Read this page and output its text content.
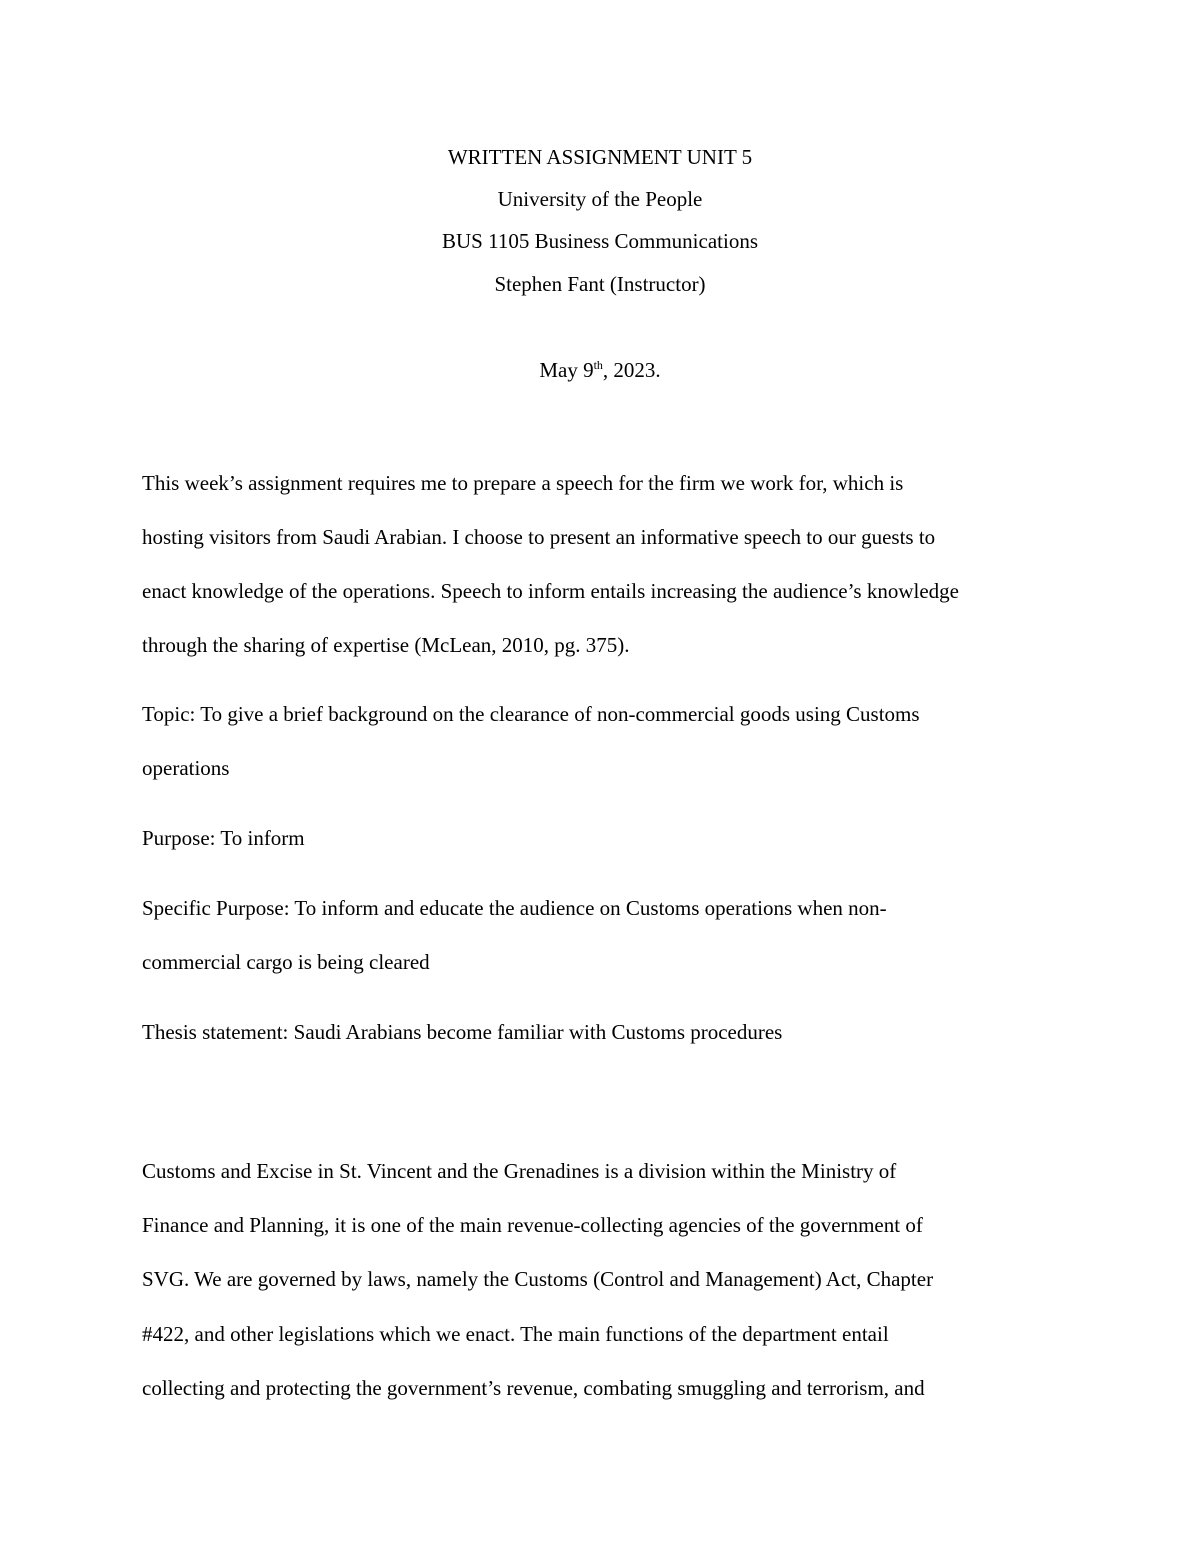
WRITTEN ASSIGNMENT UNIT 5
University of the People
BUS 1105 Business Communications
Stephen Fant (Instructor)
May 9th, 2023.
This week’s assignment requires me to prepare a speech for the firm we work for, which is
hosting visitors from Saudi Arabian. I choose to present an informative speech to our guests to
enact knowledge of the operations. Speech to inform entails increasing the audience’s knowledge
through the sharing of expertise (McLean, 2010, pg. 375).
Topic: To give a brief background on the clearance of non-commercial goods using Customs
operations
Purpose: To inform
Specific Purpose: To inform and educate the audience on Customs operations when non-
commercial cargo is being cleared
Thesis statement: Saudi Arabians become familiar with Customs procedures
Customs and Excise in St. Vincent and the Grenadines is a division within the Ministry of
Finance and Planning, it is one of the main revenue-collecting agencies of the government of
SVG. We are governed by laws, namely the Customs (Control and Management) Act, Chapter
#422, and other legislations which we enact. The main functions of the department entail
collecting and protecting the government’s revenue, combating smuggling and terrorism, and
